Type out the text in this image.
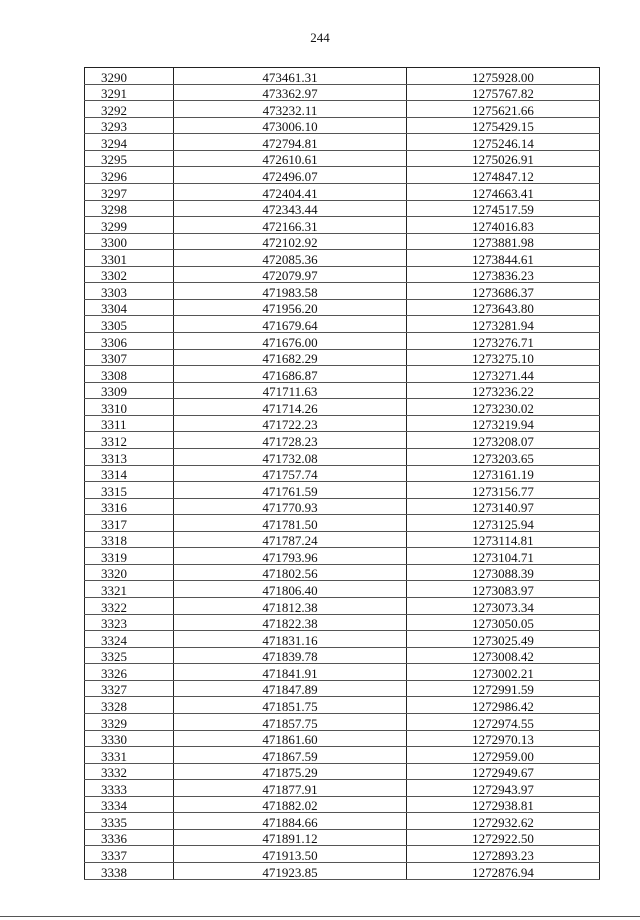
244
3290	473461.31	1275928.00
3291	473362.97	1275767.82
3292	473232.11	1275621.66
3293	473006.10	1275429.15
3294	472794.81	1275246.14
3295	472610.61	1275026.91
3296	472496.07	1274847.12
3297	472404.41	1274663.41
3298	472343.44	1274517.59
3299	472166.31	1274016.83
3300	472102.92	1273881.98
3301	472085.36	1273844.61
3302	472079.97	1273836.23
3303	471983.58	1273686.37
3304	471956.20	1273643.80
3305	471679.64	1273281.94
3306	471676.00	1273276.71
3307	471682.29	1273275.10
3308	471686.87	1273271.44
3309	471711.63	1273236.22
3310	471714.26	1273230.02
3311	471722.23	1273219.94
3312	471728.23	1273208.07
3313	471732.08	1273203.65
3314	471757.74	1273161.19
3315	471761.59	1273156.77
3316	471770.93	1273140.97
3317	471781.50	1273125.94
3318	471787.24	1273114.81
3319	471793.96	1273104.71
3320	471802.56	1273088.39
3321	471806.40	1273083.97
3322	471812.38	1273073.34
3323	471822.38	1273050.05
3324	471831.16	1273025.49
3325	471839.78	1273008.42
3326	471841.91	1273002.21
3327	471847.89	1272991.59
3328	471851.75	1272986.42
3329	471857.75	1272974.55
3330	471861.60	1272970.13
3331	471867.59	1272959.00
3332	471875.29	1272949.67
3333	471877.91	1272943.97
3334	471882.02	1272938.81
3335	471884.66	1272932.62
3336	471891.12	1272922.50
3337	471913.50	1272893.23
3338	471923.85	1272876.94
